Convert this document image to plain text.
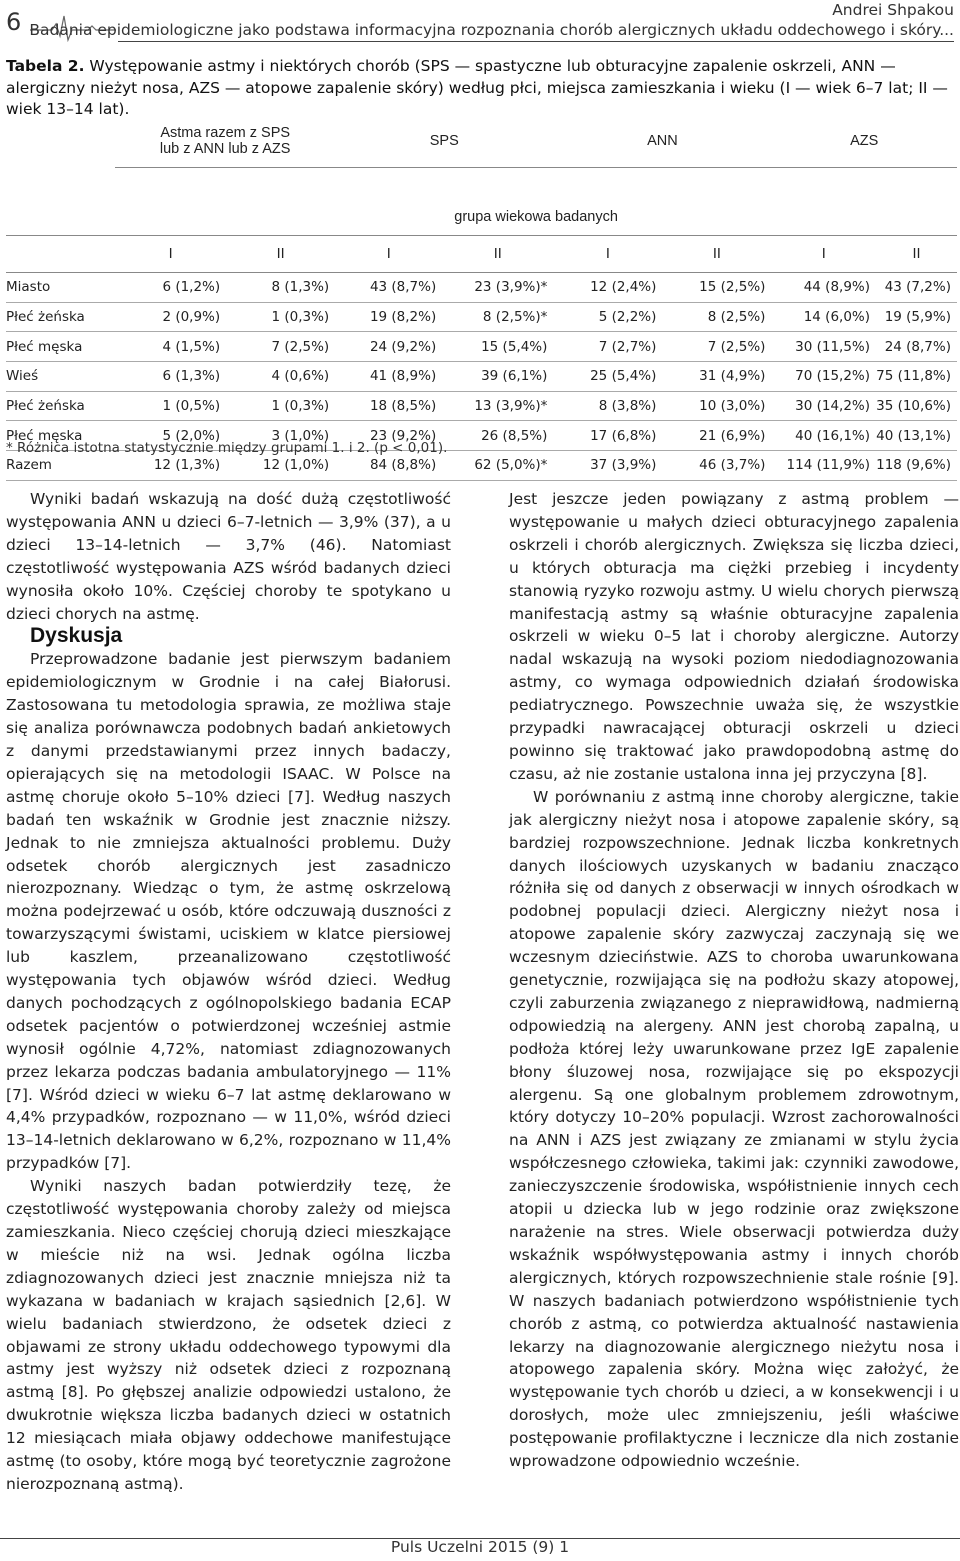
6	Andrei Shpakou
Badania epidemiologiczne jako podstawa informacyjna rozpoznania chorób alergicznych układu oddechowego i skóry...
Tabela 2. Występowanie astmy i niektórych chorób (SPS — spastyczne lub obturacyjne zapalenie oskrzeli, ANN — alergiczny nieżyt nosa, AZS — atopowe zapalenie skóry) według płci, miejsca zamieszkania i wieku (I — wiek 6–7 lat; II — wiek 13–14 lat).
	Astma razem z SPS lub z ANN lub z AZS		SPS		ANN		AZS	
	grupa wiekowa badanych							
	I	II	I	II	I	II	I	II
Miasto	6 (1,2%)	8 (1,3%)	43 (8,7%)	23 (3,9%)*	12 (2,4%)	15 (2,5%)	44 (8,9%)	43 (7,2%)
Płeć żeńska	2 (0,9%)	1 (0,3%)	19 (8,2%)	8 (2,5%)*	5 (2,2%)	8 (2,5%)	14 (6,0%)	19 (5,9%)
Płeć męska	4 (1,5%)	7 (2,5%)	24 (9,2%)	15 (5,4%)	7 (2,7%)	7 (2,5%)	30 (11,5%)	24 (8,7%)
Wieś	6 (1,3%)	4 (0,6%)	41 (8,9%)	39 (6,1%)	25 (5,4%)	31 (4,9%)	70 (15,2%)	75 (11,8%)
Płeć żeńska	1 (0,5%)	1 (0,3%)	18 (8,5%)	13 (3,9%)*	8 (3,8%)	10 (3,0%)	30 (14,2%)	35 (10,6%)
Płeć męska	5 (2,0%)	3 (1,0%)	23 (9,2%)	26 (8,5%)	17 (6,8%)	21 (6,9%)	40 (16,1%)	40 (13,1%)
Razem	12 (1,3%)	12 (1,0%)	84 (8,8%)	62 (5,0%)*	37 (3,9%)	46 (3,7%)	114 (11,9%)	118 (9,6%)
* Różnica istotna statystycznie między grupami 1. i 2. (p < 0,01).

Wyniki badań wskazują na dość dużą częstotliwość występowania ANN u dzieci 6–7-letnich — 3,9% (37), a u dzieci 13–14-letnich — 3,7% (46). Natomiast częstotliwość występowania AZS wśród badanych dzieci wynosiła około 10%. Częściej choroby te spotykano u dzieci chorych na astmę.

Dyskusja

Przeprowadzone badanie jest pierwszym badaniem epidemiologicznym w Grodnie i na całej Białorusi. Zastosowana tu metodologia sprawia, ze możliwa staje się analiza porównawcza podobnych badań ankietowych z danymi przedstawianymi przez innych badaczy, opierających się na metodologii ISAAC. W Polsce na astmę choruje około 5–10% dzieci [7]. Według naszych badań ten wskaźnik w Grodnie jest znacznie niższy. Jednak to nie zmniejsza aktualności problemu. Duży odsetek chorób alergicznych jest zasadniczo nierozpoznany. Wiedząc o tym, że astmę oskrzelową można podejrzewać u osób, które odczuwają duszności z towarzyszącymi świstami, uciskiem w klatce piersiowej lub kaszlem, przeanalizowano częstotliwość występowania tych objawów wśród dzieci. Według danych pochodzących z ogólnopolskiego badania ECAP odsetek pacjentów o potwierdzonej wcześniej astmie wynosił ogólnie 4,72%, natomiast zdiagnozowanych przez lekarza podczas badania ambulatoryjnego — 11% [7]. Wśród dzieci w wieku 6–7 lat astmę deklarowano w 4,4% przypadków, rozpoznano — w 11,0%, wśród dzieci 13–14-letnich deklarowano w 6,2%, rozpoznano w 11,4% przypadków [7].

Wyniki naszych badan potwierdziły tezę, że częstotliwość występowania choroby zależy od miejsca zamieszkania. Nieco częściej chorują dzieci mieszkające w mieście niż na wsi. Jednak ogólna liczba zdiagnozowanych dzieci jest znacznie mniejsza niż ta wykazana w badaniach w krajach sąsiednich [2,6]. W wielu badaniach stwierdzono, że odsetek dzieci z objawami ze strony układu oddechowego typowymi dla astmy jest wyższy niż odsetek dzieci z rozpoznaną astmą [8]. Po głębszej analizie odpowiedzi ustalono, że dwukrotnie większa liczba badanych dzieci w ostatnich 12 miesiącach miała objawy oddechowe manifestujące astmę (to osoby, które mogą być teoretycznie zagrożone nierozpoznaną astmą).

Jest jeszcze jeden powiązany z astmą problem — występowanie u małych dzieci obturacyjnego zapalenia oskrzeli i chorób alergicznych. Zwiększa się liczba dzieci, u których obturacja ma ciężki przebieg i incydenty stanowią ryzyko rozwoju astmy. U wielu chorych pierwszą manifestacją astmy są właśnie obturacyjne zapalenia oskrzeli w wieku 0–5 lat i choroby alergiczne. Autorzy nadal wskazują na wysoki poziom niedodiagnozowania astmy, co wymaga odpowiednich działań środowiska pediatrycznego. Powszechnie uważa się, że wszystkie przypadki nawracającej obturacji oskrzeli u dzieci powinno się traktować jako prawdopodobną astmę do czasu, aż nie zostanie ustalona inna jej przyczyna [8].

W porównaniu z astmą inne choroby alergiczne, takie jak alergiczny nieżyt nosa i atopowe zapalenie skóry, są bardziej rozpowszechnione. Jednak liczba konkretnych danych ilościowych uzyskanych w badaniu znacząco różniła się od danych z obserwacji w innych ośrodkach w podobnej populacji dzieci. Alergiczny nieżyt nosa i atopowe zapalenie skóry zazwyczaj zaczynają się we wczesnym dzieciństwie. AZS to choroba uwarunkowana genetycznie, rozwijająca się na podłożu skazy atopowej, czyli zaburzenia związanego z nieprawidłową, nadmierną odpowiedzią na alergeny. ANN jest chorobą zapalną, u podłoża której leży uwarunkowane przez IgE zapalenie błony śluzowej nosa, rozwijające się po ekspozycji alergenu. Są one globalnym problemem zdrowotnym, który dotyczy 10–20% populacji. Wzrost zachorowalności na ANN i AZS jest związany ze zmianami w stylu życia współczesnego człowieka, takimi jak: czynniki zawodowe, zanieczyszczenie środowiska, współistnienie innych cech atopii u dziecka lub w jego rodzinie oraz zwiększone narażenie na stres. Wiele obserwacji potwierdza duży wskaźnik współwystępowania astmy i innych chorób alergicznych, których rozpowszechnienie stale rośnie [9]. W naszych badaniach potwierdzono współistnienie tych chorób z astmą, co potwierdza aktualność nastawienia lekarzy na diagnozowanie alergicznego nieżytu nosa i atopowego zapalenia skóry. Można więc założyć, że występowanie tych chorób u dzieci, a w konsekwencji i u dorosłych, może ulec zmniejszeniu, jeśli właściwe postępowanie profilaktyczne i lecznicze dla nich zostanie wprowadzone odpowiednio wcześnie.

Puls Uczelni 2015 (9) 1
